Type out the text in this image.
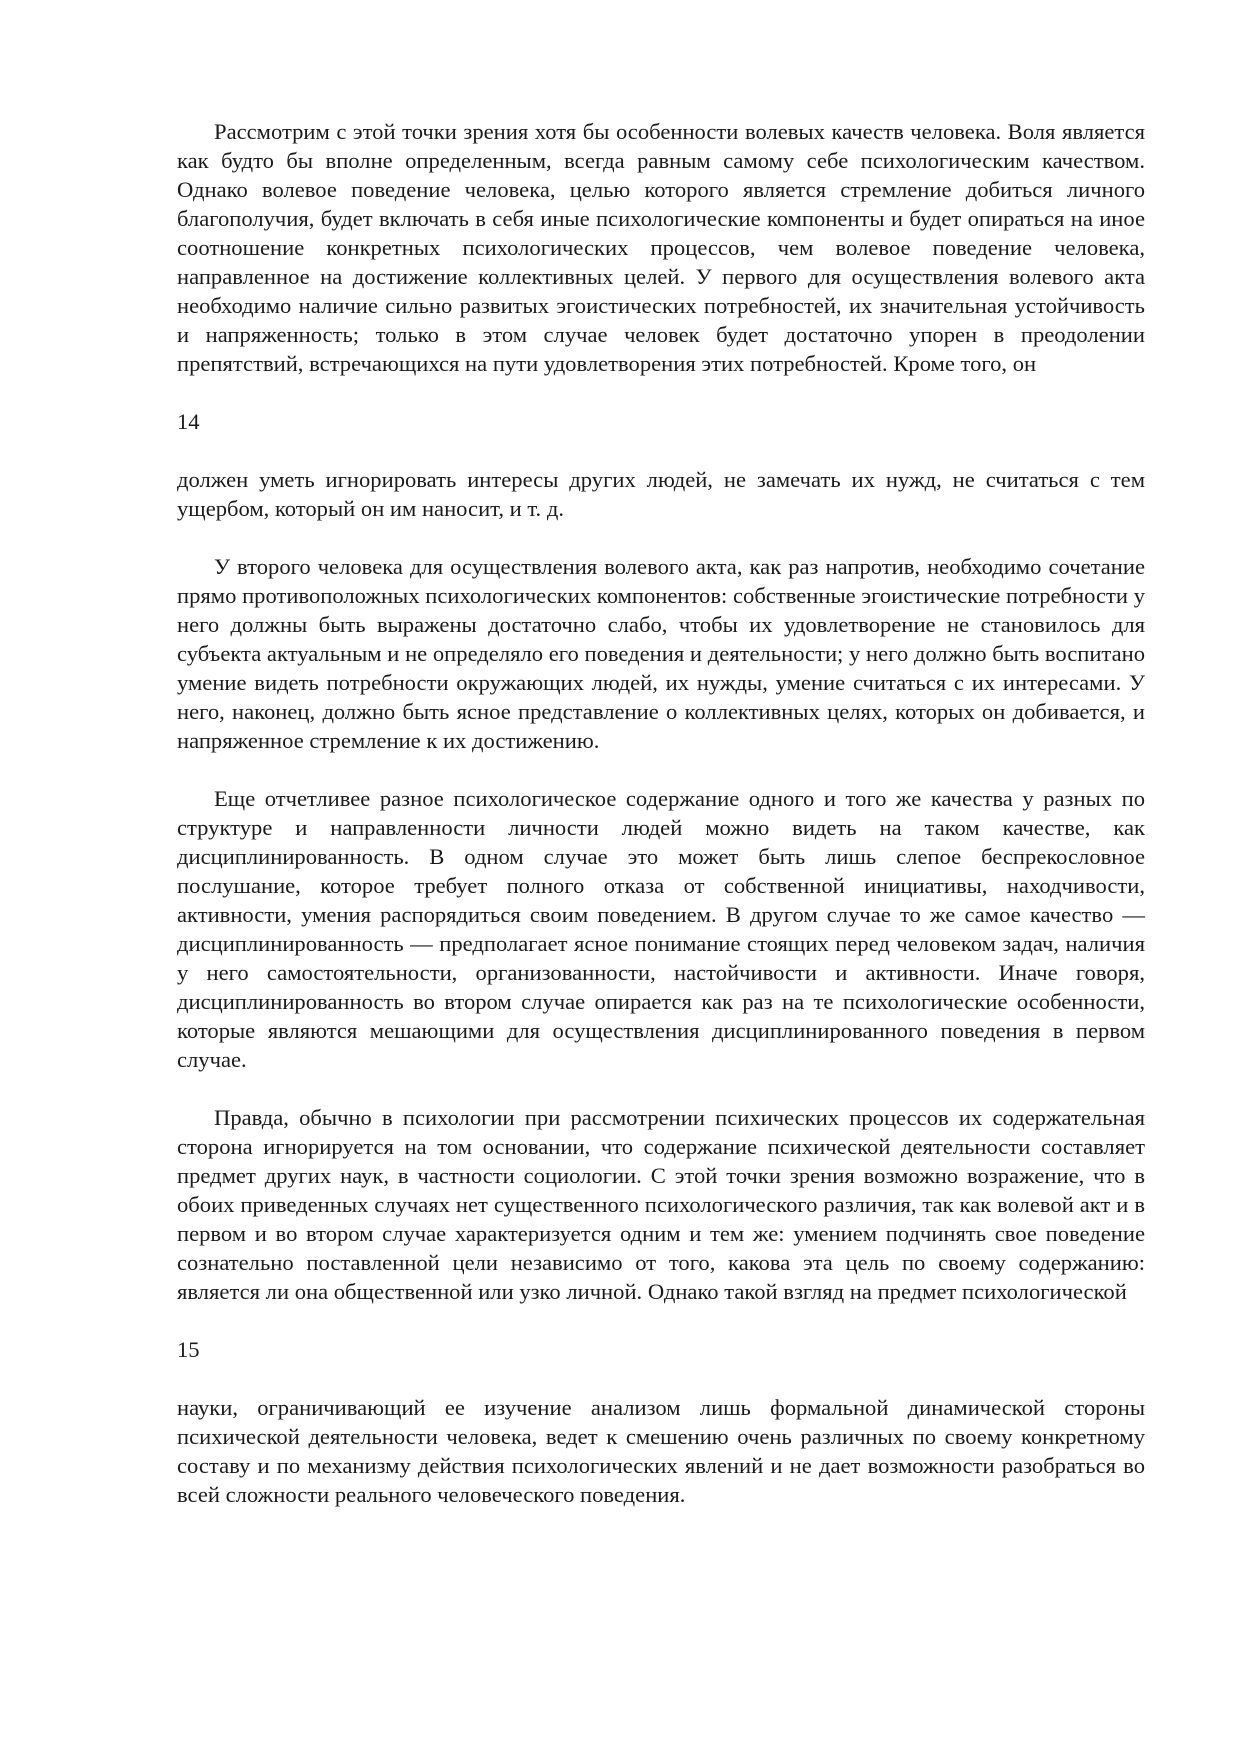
Рассмотрим с этой точки зрения хотя бы особенности волевых качеств человека. Воля является как будто бы вполне определенным, всегда равным самому себе психологическим качеством. Однако волевое поведение человека, целью которого является стремление добиться личного благополучия, будет включать в себя иные психологические компоненты и будет опираться на иное соотношение конкретных психологических процессов, чем волевое поведение человека, направленное на достижение коллективных целей. У первого для осуществления волевого акта необходимо наличие сильно развитых эгоистических потребностей, их значительная устойчивость и напряженность; только в этом случае человек будет достаточно упорен в преодолении препятствий, встречающихся на пути удовлетворения этих потребностей. Кроме того, он

14

должен уметь игнорировать интересы других людей, не замечать их нужд, не считаться с тем ущербом, который он им наносит, и т. д.

У второго человека для осуществления волевого акта, как раз напротив, необходимо сочетание прямо противоположных психологических компонентов: собственные эгоистические потребности у него должны быть выражены достаточно слабо, чтобы их удовлетворение не становилось для субъекта актуальным и не определяло его поведения и деятельности; у него должно быть воспитано умение видеть потребности окружающих людей, их нужды, умение считаться с их интересами. У него, наконец, должно быть ясное представление о коллективных целях, которых он добивается, и напряженное стремление к их достижению.

Еще отчетливее разное психологическое содержание одного и того же качества у разных по структуре и направленности личности людей можно видеть на таком качестве, как дисциплинированность. В одном случае это может быть лишь слепое беспрекословное послушание, которое требует полного отказа от собственной инициативы, находчивости, активности, умения распорядиться своим поведением. В другом случае то же самое качество — дисциплинированность — предполагает ясное понимание стоящих перед человеком задач, наличия у него самостоятельности, организованности, настойчивости и активности. Иначе говоря, дисциплинированность во втором случае опирается как раз на те психологические особенности, которые являются мешающими для осуществления дисциплинированного поведения в первом случае.

Правда, обычно в психологии при рассмотрении психических процессов их содержательная сторона игнорируется на том основании, что содержание психической деятельности составляет предмет других наук, в частности социологии. С этой точки зрения возможно возражение, что в обоих приведенных случаях нет существенного психологического различия, так как волевой акт и в первом и во втором случае характеризуется одним и тем же: умением подчинять свое поведение сознательно поставленной цели независимо от того, какова эта цель по своему содержанию: является ли она общественной или узко личной. Однако такой взгляд на предмет психологической

15

науки, ограничивающий ее изучение анализом лишь формальной динамической стороны психической деятельности человека, ведет к смешению очень различных по своему конкретному составу и по механизму действия психологических явлений и не дает возможности разобраться во всей сложности реального человеческого поведения.
